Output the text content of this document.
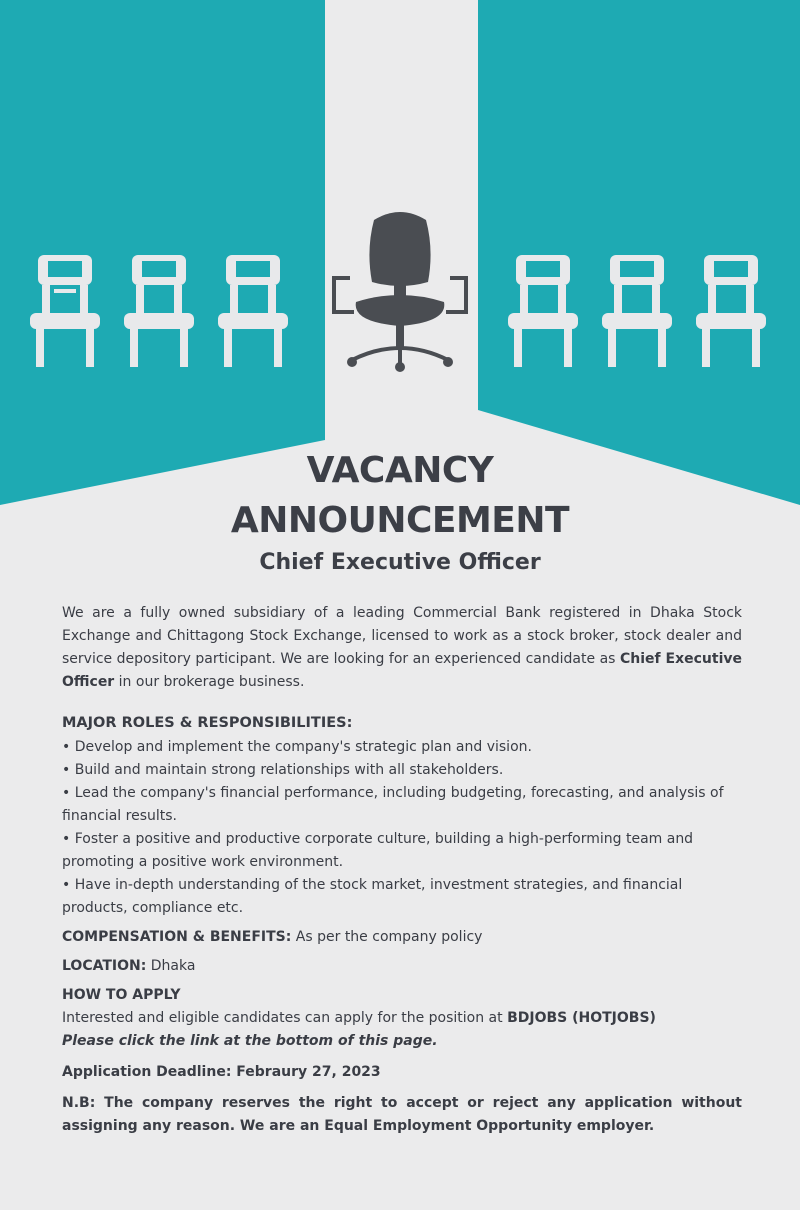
VACANCY
ANNOUNCEMENT
Chief Executive Officer

We are a fully owned subsidiary of a leading Commercial Bank registered in Dhaka Stock Exchange and Chittagong Stock Exchange, licensed to work as a stock broker, stock dealer and service depository participant. We are looking for an experienced candidate as Chief Executive Officer in our brokerage business.

MAJOR ROLES & RESPONSIBILITIES:

• Develop and implement the company's strategic plan and vision.
• Build and maintain strong relationships with all stakeholders.
• Lead the company's financial performance, including budgeting, forecasting, and analysis of financial results.
• Foster a positive and productive corporate culture, building a high-performing team and promoting a positive work environment.
• Have in-depth understanding of the stock market, investment strategies, and financial products, compliance etc.

COMPENSATION & BENEFITS: As per the company policy

LOCATION: Dhaka

HOW TO APPLY

Interested and eligible candidates can apply for the position at BDJOBS (HOTJOBS)

Please click the link at the bottom of this page.

Application Deadline: Febraury 27, 2023

N.B: The company reserves the right to accept or reject any application without assigning any reason. We are an Equal Employment Opportunity employer.
